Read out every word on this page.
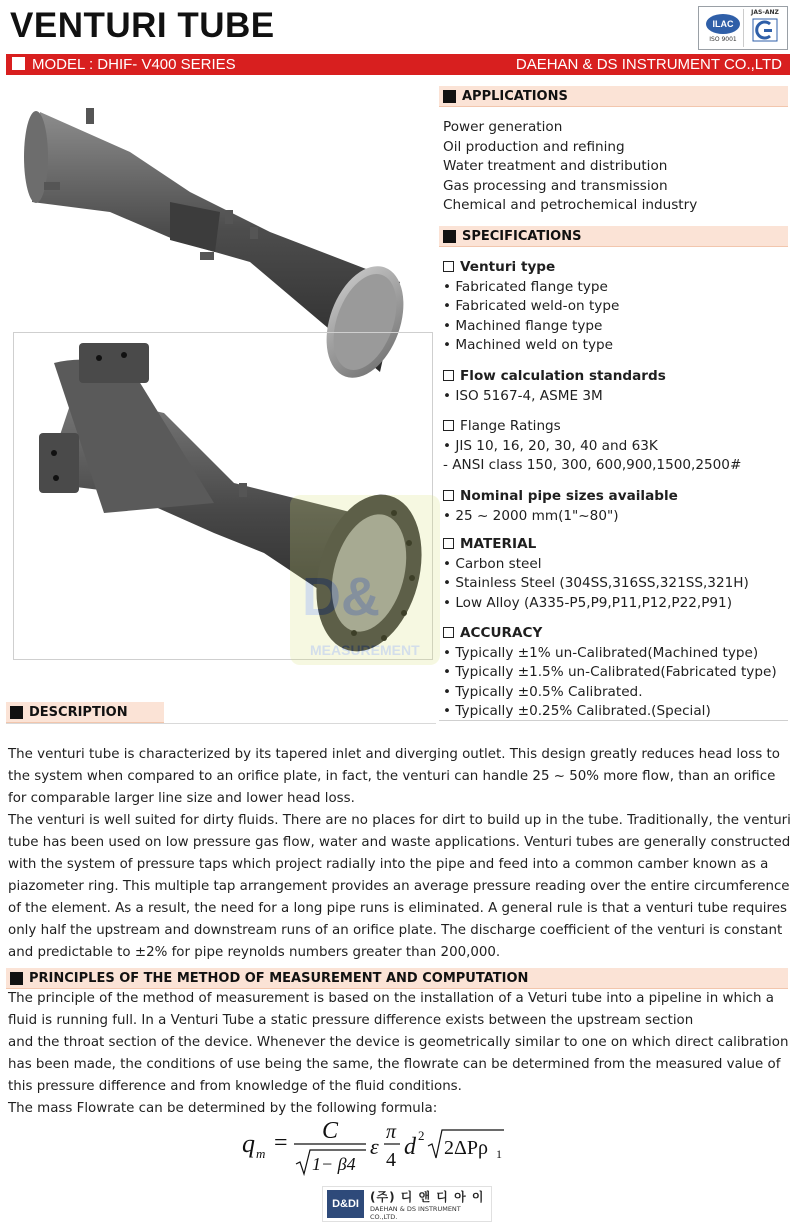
VENTURI TUBE	ILAC
ISO 9001
JAS-ANZ
MODEL : DHIF- V400 SERIES	DAEHAN & DS INSTRUMENT CO.,LTD
D&
MEASUREMENT
APPLICATIONS
Power generation
Oil production and refining
Water treatment and distribution
Gas processing and transmission
Chemical and petrochemical industry
SPECIFICATIONS
Venturi type
• Fabricated flange type
• Fabricated weld-on type
• Machined flange type
• Machined weld on type
Flow calculation standards
• ISO 5167-4, ASME 3M
Flange Ratings
• JIS 10, 16, 20, 30, 40 and 63K
- ANSI class 150, 300, 600,900,1500,2500#
Nominal pipe sizes available
• 25 ~ 2000 mm(1"~80")
MATERIAL
• Carbon steel
• Stainless Steel (304SS,316SS,321SS,321H)
• Low Alloy (A335-P5,P9,P11,P12,P22,P91)
ACCURACY
• Typically ±1% un-Calibrated(Machined type)
• Typically ±1.5% un-Calibrated(Fabricated type)
• Typically ±0.5% Calibrated.
• Typically ±0.25% Calibrated.(Special)
DESCRIPTION
The venturi tube is characterized by its tapered inlet and diverging outlet. This design greatly reduces head loss to
the system when compared to an orifice plate, in fact, the venturi can handle 25 ~ 50% more flow, than an orifice
for comparable larger line size and lower head loss.
The venturi is well suited for dirty fluids. There are no places for dirt to build up in the tube. Traditionally, the venturi
tube has been used on low pressure gas flow, water and waste applications. Venturi tubes are generally constructed
with the system of pressure taps which project radially into the pipe and feed into a common camber known as a
piazometer ring. This multiple tap arrangement provides an average pressure reading over the entire circumference
of the element. As a result, the need for a long pipe runs is eliminated. A general rule is that a venturi tube requires
only half the upstream and downstream runs of an orifice plate. The discharge coefficient of the venturi is constant
and predictable to ±2% for pipe reynolds numbers greater than 200,000.
PRINCIPLES OF THE METHOD OF MEASUREMENT AND COMPUTATION
The principle of the method of measurement is based on the installation of a Veturi tube into a pipeline in which a
fluid is running full. In a Venturi Tube a static pressure difference exists between the upstream section
and the throat section of the device. Whenever the device is geometrically similar to one on which direct calibration
has been made, the conditions of use being the same, the flowrate can be determined from the measured value of
this pressure difference and from knowledge of the fluid conditions.
The mass Flowrate can be determined by the following formula:
q m = C
1− β4
ε
π
4 d 2
2ΔPρ 1
D&DI
(주) 디 앤 디 아 이
DAEHAN & DS INSTRUMENT CO.,LTD.
